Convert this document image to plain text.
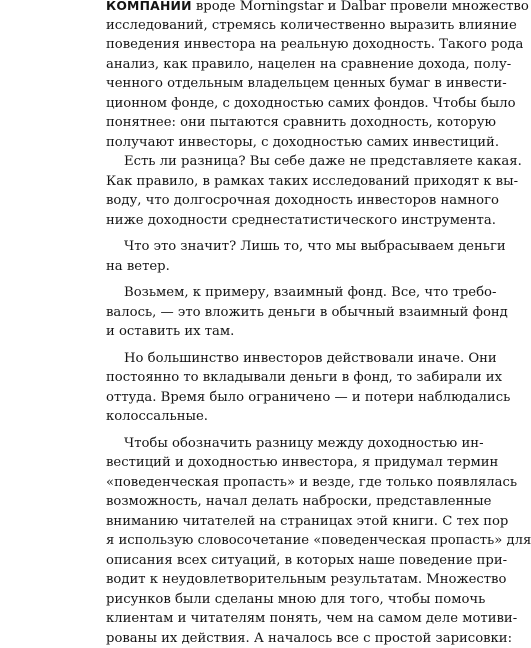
КОМПАНИИ вроде Morningstar и Dalbar провели множество
исследований, стремясь количественно выразить влияние
поведения инвестора на реальную доходность. Такого рода
анализ, как правило, нацелен на сравнение дохода, полу-
ченного отдельным владельцем ценных бумаг в инвести-
ционном фонде, с доходностью самих фондов. Чтобы было
понятнее: они пытаются сравнить доходность, которую
получают инвесторы, с доходностью самих инвестиций.
Есть ли разница? Вы себе даже не представляете какая.
Как правило, в рамках таких исследований приходят к вы-
воду, что долгосрочная доходность инвесторов намного
ниже доходности среднестатистического инструмента.
Что это значит? Лишь то, что мы выбрасываем деньги
на ветер.
Возьмем, к примеру, взаимный фонд. Все, что требо-
валось, — это вложить деньги в обычный взаимный фонд
и оставить их там.
Но большинство инвесторов действовали иначе. Они
постоянно то вкладывали деньги в фонд, то забирали их
оттуда. Время было ограничено — и потери наблюдались
колоссальные.
Чтобы обозначить разницу между доходностью ин-
вестиций и доходностью инвестора, я придумал термин
«поведенческая пропасть» и везде, где только появлялась
возможность, начал делать наброски, представленные
вниманию читателей на страницах этой книги. С тех пор
я использую словосочетание «поведенческая пропасть» для
описания всех ситуаций, в которых наше поведение при-
водит к неудовлетворительным результатам. Множество
рисунков были сделаны мною для того, чтобы помочь
клиентам и читателям понять, чем на самом деле мотиви-
рованы их действия. А началось все с простой зарисовки:
